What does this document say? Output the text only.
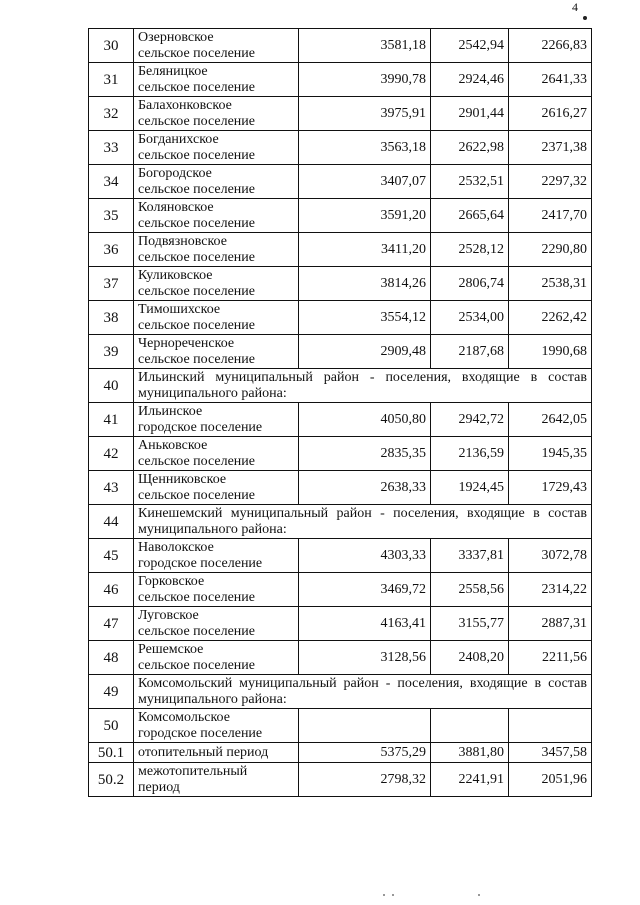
4
30	Озерновское
сельское поселение	3581,18	2542,94	2266,83
31	Беляницкое
сельское поселение	3990,78	2924,46	2641,33
32	Балахонковское
сельское поселение	3975,91	2901,44	2616,27
33	Богданихское
сельское поселение	3563,18	2622,98	2371,38
34	Богородское
сельское поселение	3407,07	2532,51	2297,32
35	Коляновское
сельское поселение	3591,20	2665,64	2417,70
36	Подвязновское
сельское поселение	3411,20	2528,12	2290,80
37	Куликовское
сельское поселение	3814,26	2806,74	2538,31
38	Тимошихское
сельское поселение	3554,12	2534,00	2262,42
39	Чернореченское
сельское поселение	2909,48	2187,68	1990,68
40	Ильинский муниципальный район - поселения, входящие в состав муниципального района:			
41	Ильинское
городское поселение	4050,80	2942,72	2642,05
42	Аньковское
сельское поселение	2835,35	2136,59	1945,35
43	Щенниковское
сельское поселение	2638,33	1924,45	1729,43
44	Кинешемский муниципальный район - поселения, входящие в состав муниципального района:			
45	Наволокское
городское поселение	4303,33	3337,81	3072,78
46	Горковское
сельское поселение	3469,72	2558,56	2314,22
47	Луговское
сельское поселение	4163,41	3155,77	2887,31
48	Решемское
сельское поселение	3128,56	2408,20	2211,56
49	Комсомольский муниципальный район - поселения, входящие в состав муниципального района:			
50	Комсомольское
городское поселение			

50.1	отопительный период	5375,29	3881,80	3457,58
50.2	межотопительный
период	2798,32	2241,91	2051,96
